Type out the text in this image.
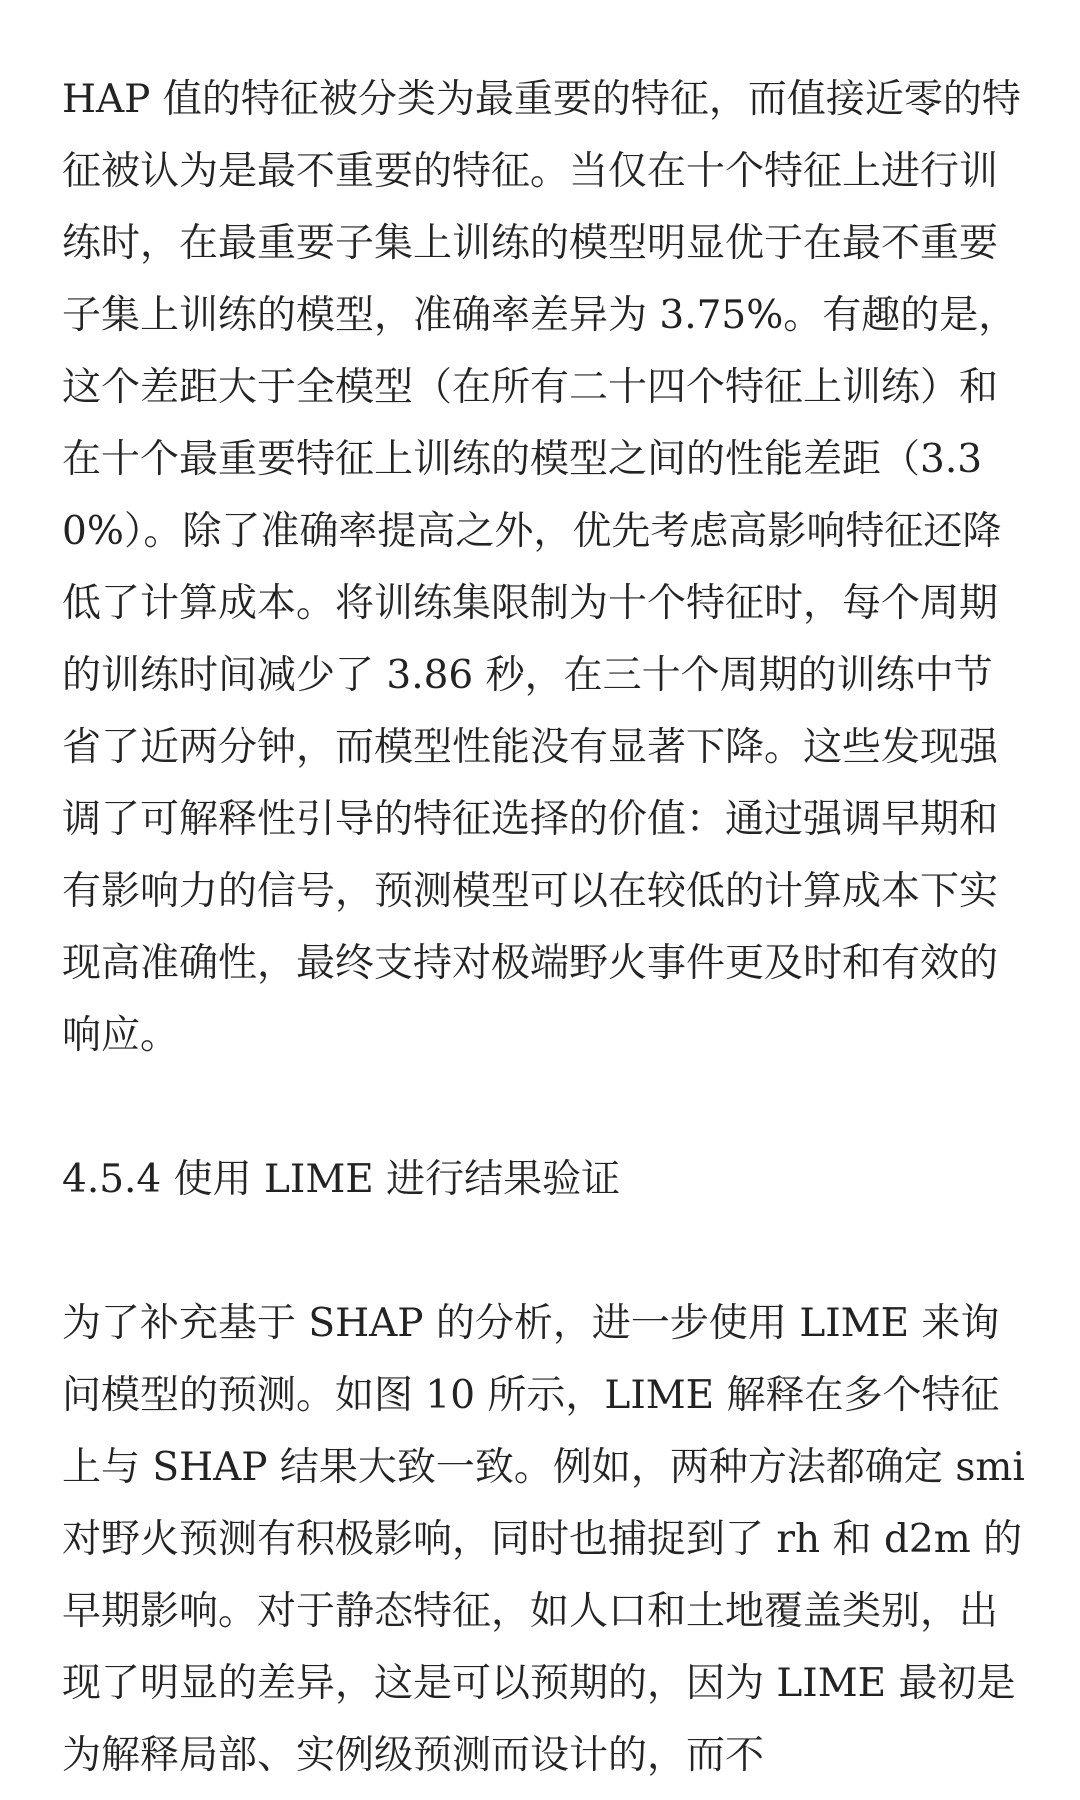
HAP 值的特征被分类为最重要的特征，而值接近零的特征被认为是最不重要的特征。当仅在十个特征上进行训练时，在最重要子集上训练的模型明显优于在最不重要子集上训练的模型，准确率差异为 3.75%。有趣的是，这个差距大于全模型（在所有二十四个特征上训练）和在十个最重要特征上训练的模型之间的性能差距（3.30%）。除了准确率提高之外，优先考虑高影响特征还降低了计算成本。将训练集限制为十个特征时，每个周期的训练时间减少了 3.86 秒，在三十个周期的训练中节省了近两分钟，而模型性能没有显著下降。这些发现强调了可解释性引导的特征选择的价值：通过强调早期和有影响力的信号，预测模型可以在较低的计算成本下实现高准确性，最终支持对极端野火事件更及时和有效的响应。

4.5.4 使用 LIME 进行结果验证

为了补充基于 SHAP 的分析，进一步使用 LIME 来询问模型的预测。如图 10 所示，LIME 解释在多个特征上与 SHAP 结果大致一致。例如，两种方法都确定 smi 对野火预测有积极影响，同时也捕捉到了 rh 和 d2m 的早期影响。对于静态特征，如人口和土地覆盖类别，出现了明显的差异，这是可以预期的，因为 LIME 最初是为解释局部、实例级预测而设计的，而不
